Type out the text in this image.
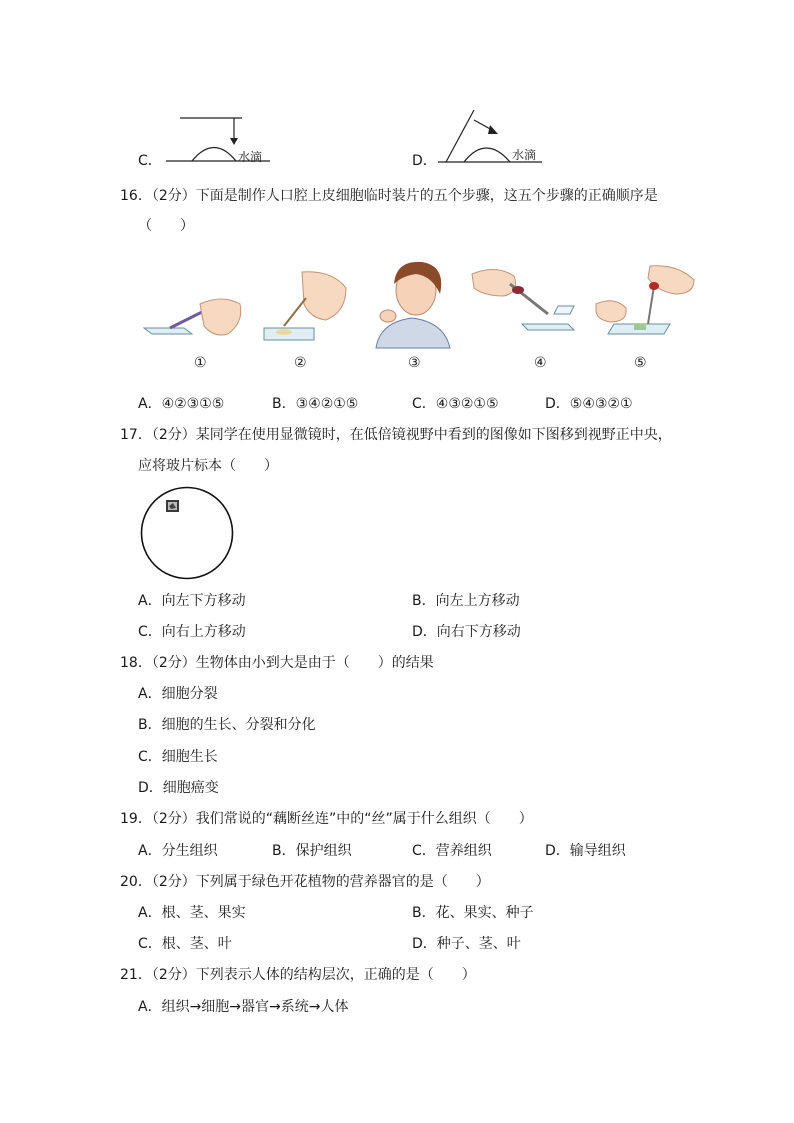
C．	水滴	D．	水滴
16．（2分）下面是制作人口腔上皮细胞临时装片的五个步骤，这五个步骤的正确顺序是
（　　）
①	②	③	④	⑤
A．④②③①⑤	B．③④②①⑤	C．④③②①⑤	D．⑤④③②①
17．（2分）某同学在使用显微镜时，在低倍镜视野中看到的图像如下图移到视野正中央，
应将玻片标本（　　）
A．向左下方移动	B．向左上方移动
C．向右上方移动	D．向右下方移动
18．（2分）生物体由小到大是由于（　　）的结果
A．细胞分裂
B．细胞的生长、分裂和分化
C．细胞生长
D．细胞癌变
19．（2分）我们常说的“藕断丝连”中的“丝”属于什么组织（　　）
A．分生组织	B．保护组织	C．营养组织	D．输导组织
20．（2分）下列属于绿色开花植物的营养器官的是（　　）
A．根、茎、果实	B．花、果实、种子
C．根、茎、叶	D．种子、茎、叶
21．（2分）下列表示人体的结构层次，正确的是（　　）
A．组织→细胞→器官→系统→人体
